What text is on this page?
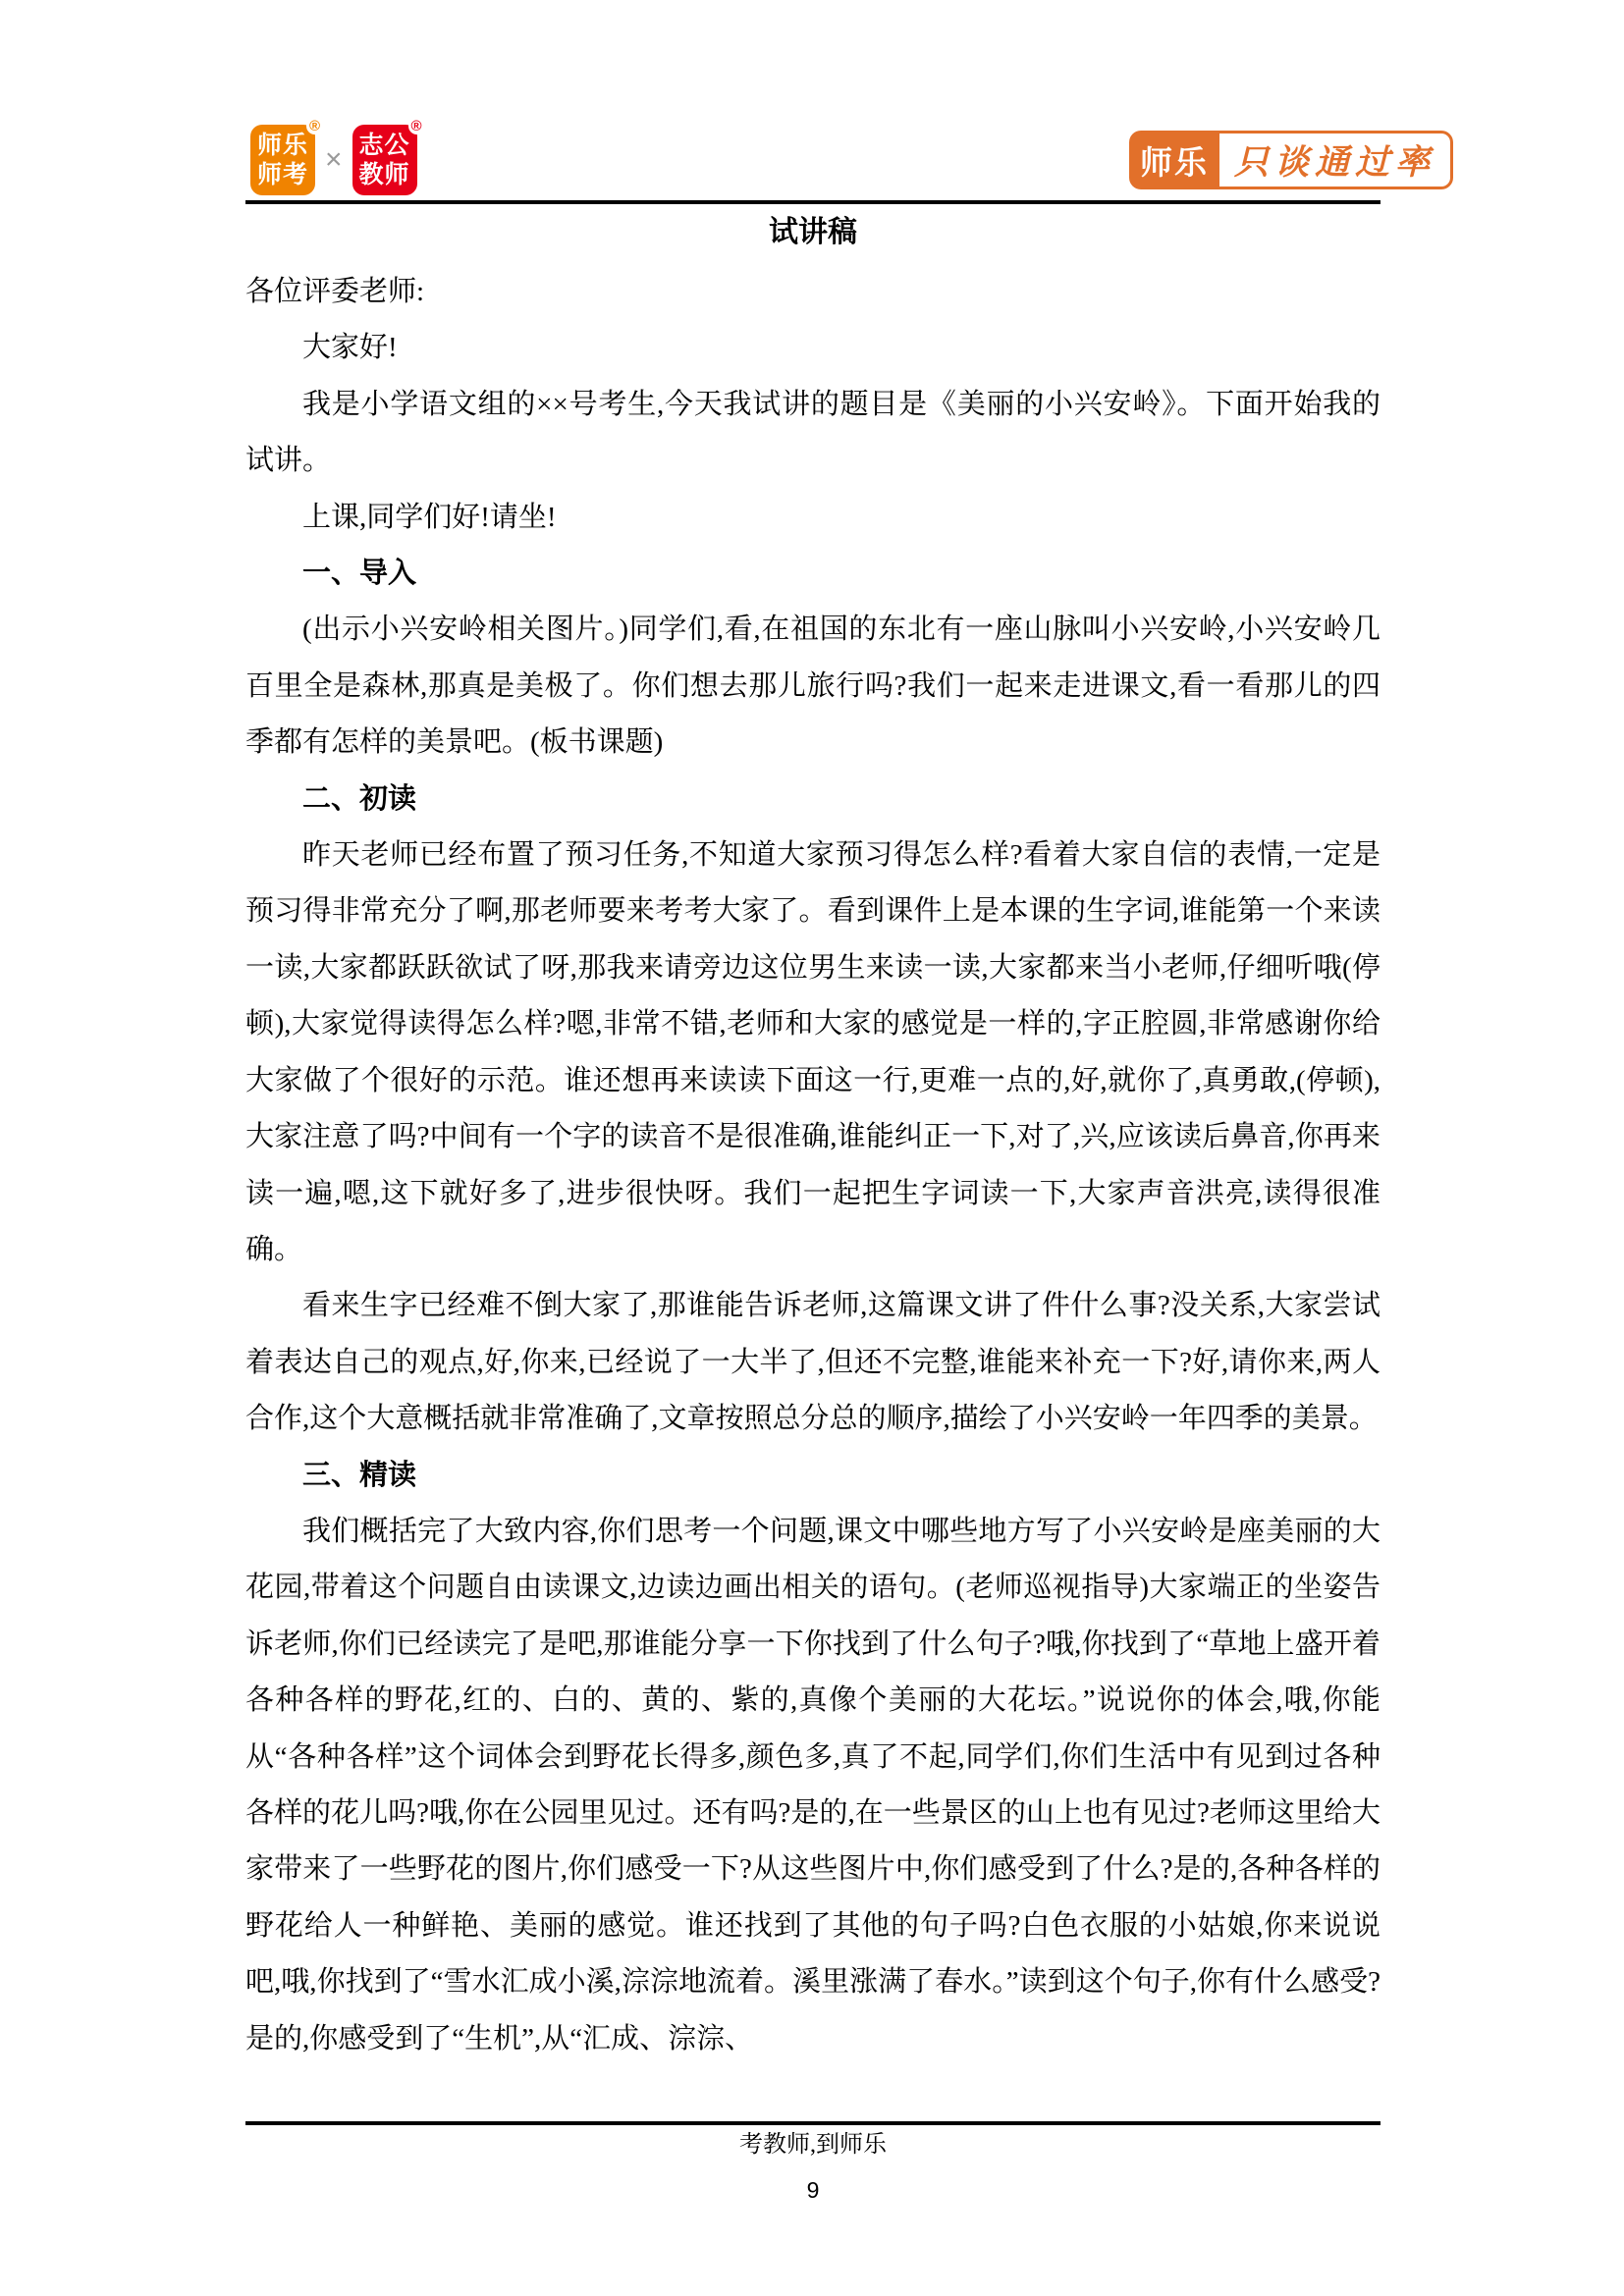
师乐
师考
®
× 志公
教师
®
师乐 只谈通过率
试讲稿

各位评委老师:

大家好!

我是小学语文组的××号考生,今天我试讲的题目是《美丽的小兴安岭》。下面开始我的试讲。

上课,同学们好!请坐!

一、导入

(出示小兴安岭相关图片。)同学们,看,在祖国的东北有一座山脉叫小兴安岭,小兴安岭几百里全是森林,那真是美极了。你们想去那儿旅行吗?我们一起来走进课文,看一看那儿的四季都有怎样的美景吧。(板书课题)

二、初读

昨天老师已经布置了预习任务,不知道大家预习得怎么样?看着大家自信的表情,一定是预习得非常充分了啊,那老师要来考考大家了。看到课件上是本课的生字词,谁能第一个来读一读,大家都跃跃欲试了呀,那我来请旁边这位男生来读一读,大家都来当小老师,仔细听哦(停顿),大家觉得读得怎么样?嗯,非常不错,老师和大家的感觉是一样的,字正腔圆,非常感谢你给大家做了个很好的示范。谁还想再来读读下面这一行,更难一点的,好,就你了,真勇敢,(停顿),大家注意了吗?中间有一个字的读音不是很准确,谁能纠正一下,对了,兴,应该读后鼻音,你再来读一遍,嗯,这下就好多了,进步很快呀。我们一起把生字词读一下,大家声音洪亮,读得很准确。

看来生字已经难不倒大家了,那谁能告诉老师,这篇课文讲了件什么事?没关系,大家尝试着表达自己的观点,好,你来,已经说了一大半了,但还不完整,谁能来补充一下?好,请你来,两人合作,这个大意概括就非常准确了,文章按照总分总的顺序,描绘了小兴安岭一年四季的美景。

三、精读

我们概括完了大致内容,你们思考一个问题,课文中哪些地方写了小兴安岭是座美丽的大花园,带着这个问题自由读课文,边读边画出相关的语句。(老师巡视指导)大家端正的坐姿告诉老师,你们已经读完了是吧,那谁能分享一下你找到了什么句子?哦,你找到了“草地上盛开着各种各样的野花,红的、白的、黄的、紫的,真像个美丽的大花坛。”说说你的体会,哦,你能从“各种各样”这个词体会到野花长得多,颜色多,真了不起,同学们,你们生活中有见到过各种各样的花儿吗?哦,你在公园里见过。还有吗?是的,在一些景区的山上也有见过?老师这里给大家带来了一些野花的图片,你们感受一下?从这些图片中,你们感受到了什么?是的,各种各样的野花给人一种鲜艳、美丽的感觉。谁还找到了其他的句子吗?白色衣服的小姑娘,你来说说吧,哦,你找到了“雪水汇成小溪,淙淙地流着。溪里涨满了春水。”读到这个句子,你有什么感受?是的,你感受到了“生机”,从“汇成、淙淙、

考教师,到师乐
9
